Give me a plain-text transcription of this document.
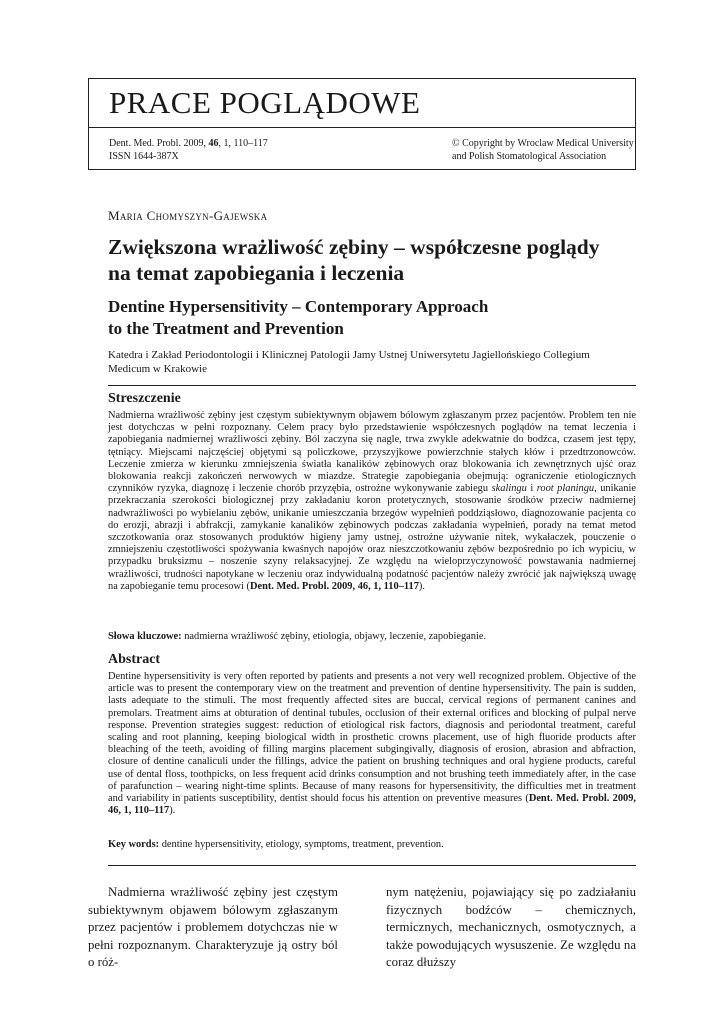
PRACE POGLĄDOWE
Dent. Med. Probl. 2009, 46, 1, 110–117
ISSN 1644-387X
© Copyright by Wroclaw Medical University
and Polish Stomatological Association
Maria Chomyszyn-Gajewska
Zwiększona wrażliwość zębiny – współczesne poglądy
na temat zapobiegania i leczenia
Dentine Hypersensitivity – Contemporary Approach
to the Treatment and Prevention
Katedra i Zakład Periodontologii i Klinicznej Patologii Jamy Ustnej Uniwersytetu Jagiellońskiego Collegium Medicum w Krakowie
Streszczenie
Nadmierna wrażliwość zębiny jest częstym subiektywnym objawem bólowym zgłaszanym przez pacjentów. Problem ten nie jest dotychczas w pełni rozpoznany. Celem pracy było przedstawienie współczesnych poglądów na temat leczenia i zapobiegania nadmiernej wrażliwości zębiny. Ból zaczyna się nagle, trwa zwykle adekwatnie do bodźca, czasem jest tępy, tętniący. Miejscami najczęściej objętymi są policzkowe, przyszyjkowe powierzchnie stałych kłów i przedtrzonowców. Leczenie zmierza w kierunku zmniejszenia światła kanalików zębinowych oraz blokowania ich zewnętrznych ujść oraz blokowania reakcji zakończeń nerwowych w miazdze. Strategie zapobiegania obejmują: ograniczenie etiologicznych czynników ryzyka, diagnozę i leczenie chorób przyzębia, ostrożne wykonywanie zabiegu skalingu i root planingu, unikanie przekraczania szerokości biologicznej przy zakładaniu koron protetycznych, stosowanie środków przeciw nadmiernej nadwrażliwości po wybielaniu zębów, unikanie umieszczania brzegów wypełnień poddziąsłowo, diagnozowanie pacjenta co do erozji, abrazji i abfrakcji, zamykanie kanalików zębinowych podczas zakładania wypełnień, porady na temat metod szczotkowania oraz stosowanych produktów higieny jamy ustnej, ostrożne używanie nitek, wykałaczek, pouczenie o zmniejszeniu częstotliwości spożywania kwaśnych napojów oraz nieszczotkowaniu zębów bezpośrednio po ich wypiciu, w przypadku bruksizmu – noszenie szyny relaksacyjnej. Ze względu na wieloprzyczynowość powstawania nadmiernej wrażliwości, trudności napotykane w leczeniu oraz indywidualną podatność pacjentów należy zwrócić jak największą uwagę na zapobieganie temu procesowi (Dent. Med. Probl. 2009, 46, 1, 110–117).
Słowa kluczowe: nadmierna wrażliwość zębiny, etiologia, objawy, leczenie, zapobieganie.
Abstract
Dentine hypersensitivity is very often reported by patients and presents a not very well recognized problem. Objective of the article was to present the contemporary view on the treatment and prevention of dentine hypersensitivity. The pain is sudden, lasts adequate to the stimuli. The most frequently affected sites are buccal, cervical regions of permanent canines and premolars. Treatment aims at obturation of dentinal tubules, occlusion of their external orifices and blocking of pulpal nerve response. Prevention strategies suggest: reduction of etiological risk factors, diagnosis and periodontal treatment, careful scaling and root planning, keeping biological width in prosthetic crowns placement, use of high fluoride products after bleaching of the teeth, avoiding of filling margins placement subgingivally, diagnosis of erosion, abrasion and abfraction, closure of dentine canaliculi under the fillings, advice the patient on brushing techniques and oral hygiene products, careful use of dental floss, toothpicks, on less frequent acid drinks consumption and not brushing teeth immediately after, in the case of parafunction – wearing night-time splints. Because of many reasons for hypersensitivity, the difficulties met in treatment and variability in patients susceptibility, dentist should focus his attention on preventive measures (Dent. Med. Probl. 2009, 46, 1, 110–117).
Key words: dentine hypersensitivity, etiology, symptoms, treatment, prevention.
Nadmierna wrażliwość zębiny jest częstym subiektywnym objawem bólowym zgłaszanym przez pacjentów i problemem dotychczas nie w pełni rozpoznanym. Charakteryzuje ją ostry ból o róż-
nym natężeniu, pojawiający się po zadziałaniu fizycznych bodźców – chemicznych, termicznych, mechanicznych, osmotycznych, a także powodujących wysuszenie. Ze względu na coraz dłuższy
